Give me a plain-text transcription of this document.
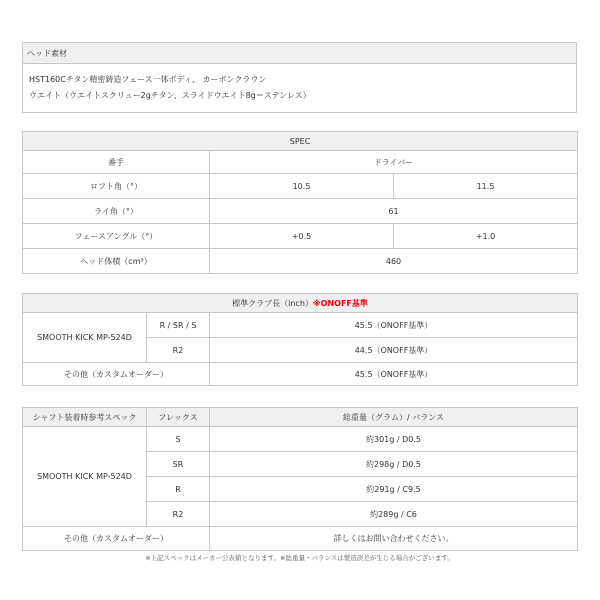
ヘッド素材

HST160Cチタン精密鋳造フェース一体ボディ、 カーボンクラウン
ウエイト（ウエイトスクリュー2gチタン、スライドウエイト8g＝ステンレス）
SPEC		
番手	ドライバー	
ロフト角（°）	10.5	11.5
ライ角（°）	61	
フェースアングル（°）	+0.5	+1.0
ヘッド体積（cm³）	460	
標準クラブ長（inch）※ONOFF基準		
SMOOTH KICK MP-524D	R / SR / S	45.5（ONOFF基準）
	R2	44.5（ONOFF基準）
その他（カスタムオーダー）		45.5（ONOFF基準）
シャフト装着時参考スペック	フレックス	総重量（グラム）/ バランス
SMOOTH KICK MP-524D	S	約301g / D0.5
	SR	約298g / D0.5
	R	約291g / C9.5
	R2	約289g / C6
その他（カスタムオーダー）		詳しくはお問い合わせください。
※上記スペックはメーカー公表値となります。※総重量・バランスは製造誤差が生じる場合がございます。
